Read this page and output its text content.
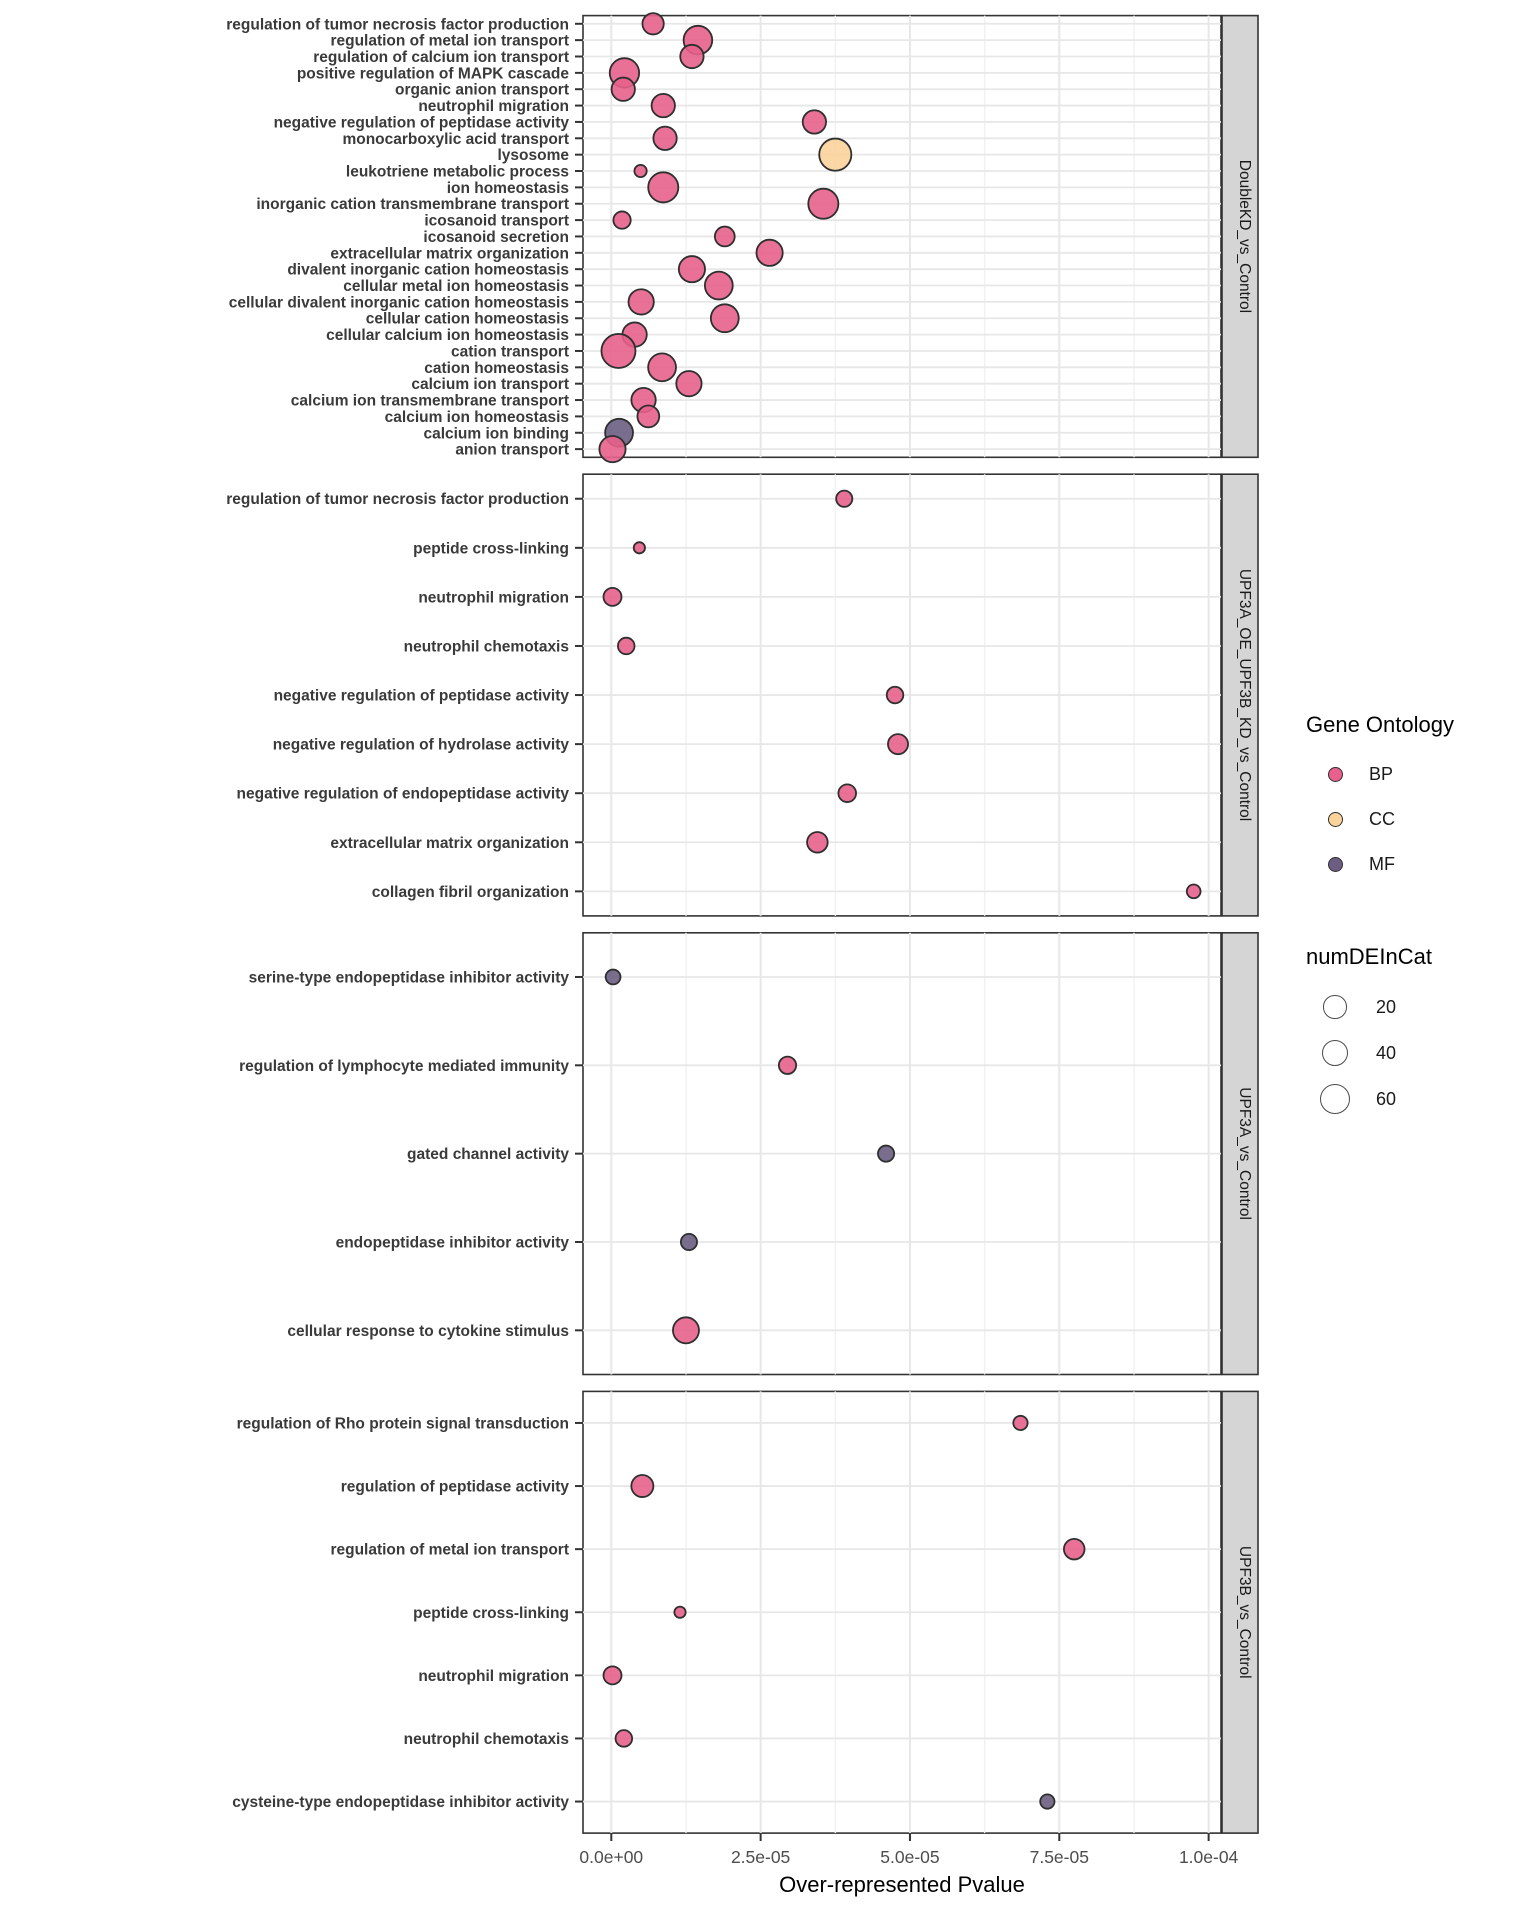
regulation of tumor necrosis factor production
regulation of metal ion transport
regulation of calcium ion transport
positive regulation of MAPK cascade
organic anion transport
neutrophil migration
negative regulation of peptidase activity
monocarboxylic acid transport
lysosome
leukotriene metabolic process
ion homeostasis
inorganic cation transmembrane transport
icosanoid transport
icosanoid secretion
extracellular matrix organization
divalent inorganic cation homeostasis
cellular metal ion homeostasis
cellular divalent inorganic cation homeostasis
cellular cation homeostasis
cellular calcium ion homeostasis
cation transport
cation homeostasis
calcium ion transport
calcium ion transmembrane transport
calcium ion homeostasis
calcium ion binding
anion transport
DoubleKD_vs_Control
regulation of tumor necrosis factor production
peptide cross-linking
neutrophil migration
neutrophil chemotaxis
negative regulation of peptidase activity
negative regulation of hydrolase activity
negative regulation of endopeptidase activity
extracellular matrix organization
collagen fibril organization
UPF3A_OE_UPF3B_KD_vs_Control
serine-type endopeptidase inhibitor activity
regulation of lymphocyte mediated immunity
gated channel activity
endopeptidase inhibitor activity
cellular response to cytokine stimulus
UPF3A_vs_Control
regulation of Rho protein signal transduction
regulation of peptidase activity
regulation of metal ion transport
peptide cross-linking
neutrophil migration
neutrophil chemotaxis
cysteine-type endopeptidase inhibitor activity
UPF3B_vs_Control
0.0e+00	2.5e-05	5.0e-05	7.5e-05	1.0e-04
Gene Ontology
BP
CC
MF
numDEInCat
20
40
60
Over-represented Pvalue
